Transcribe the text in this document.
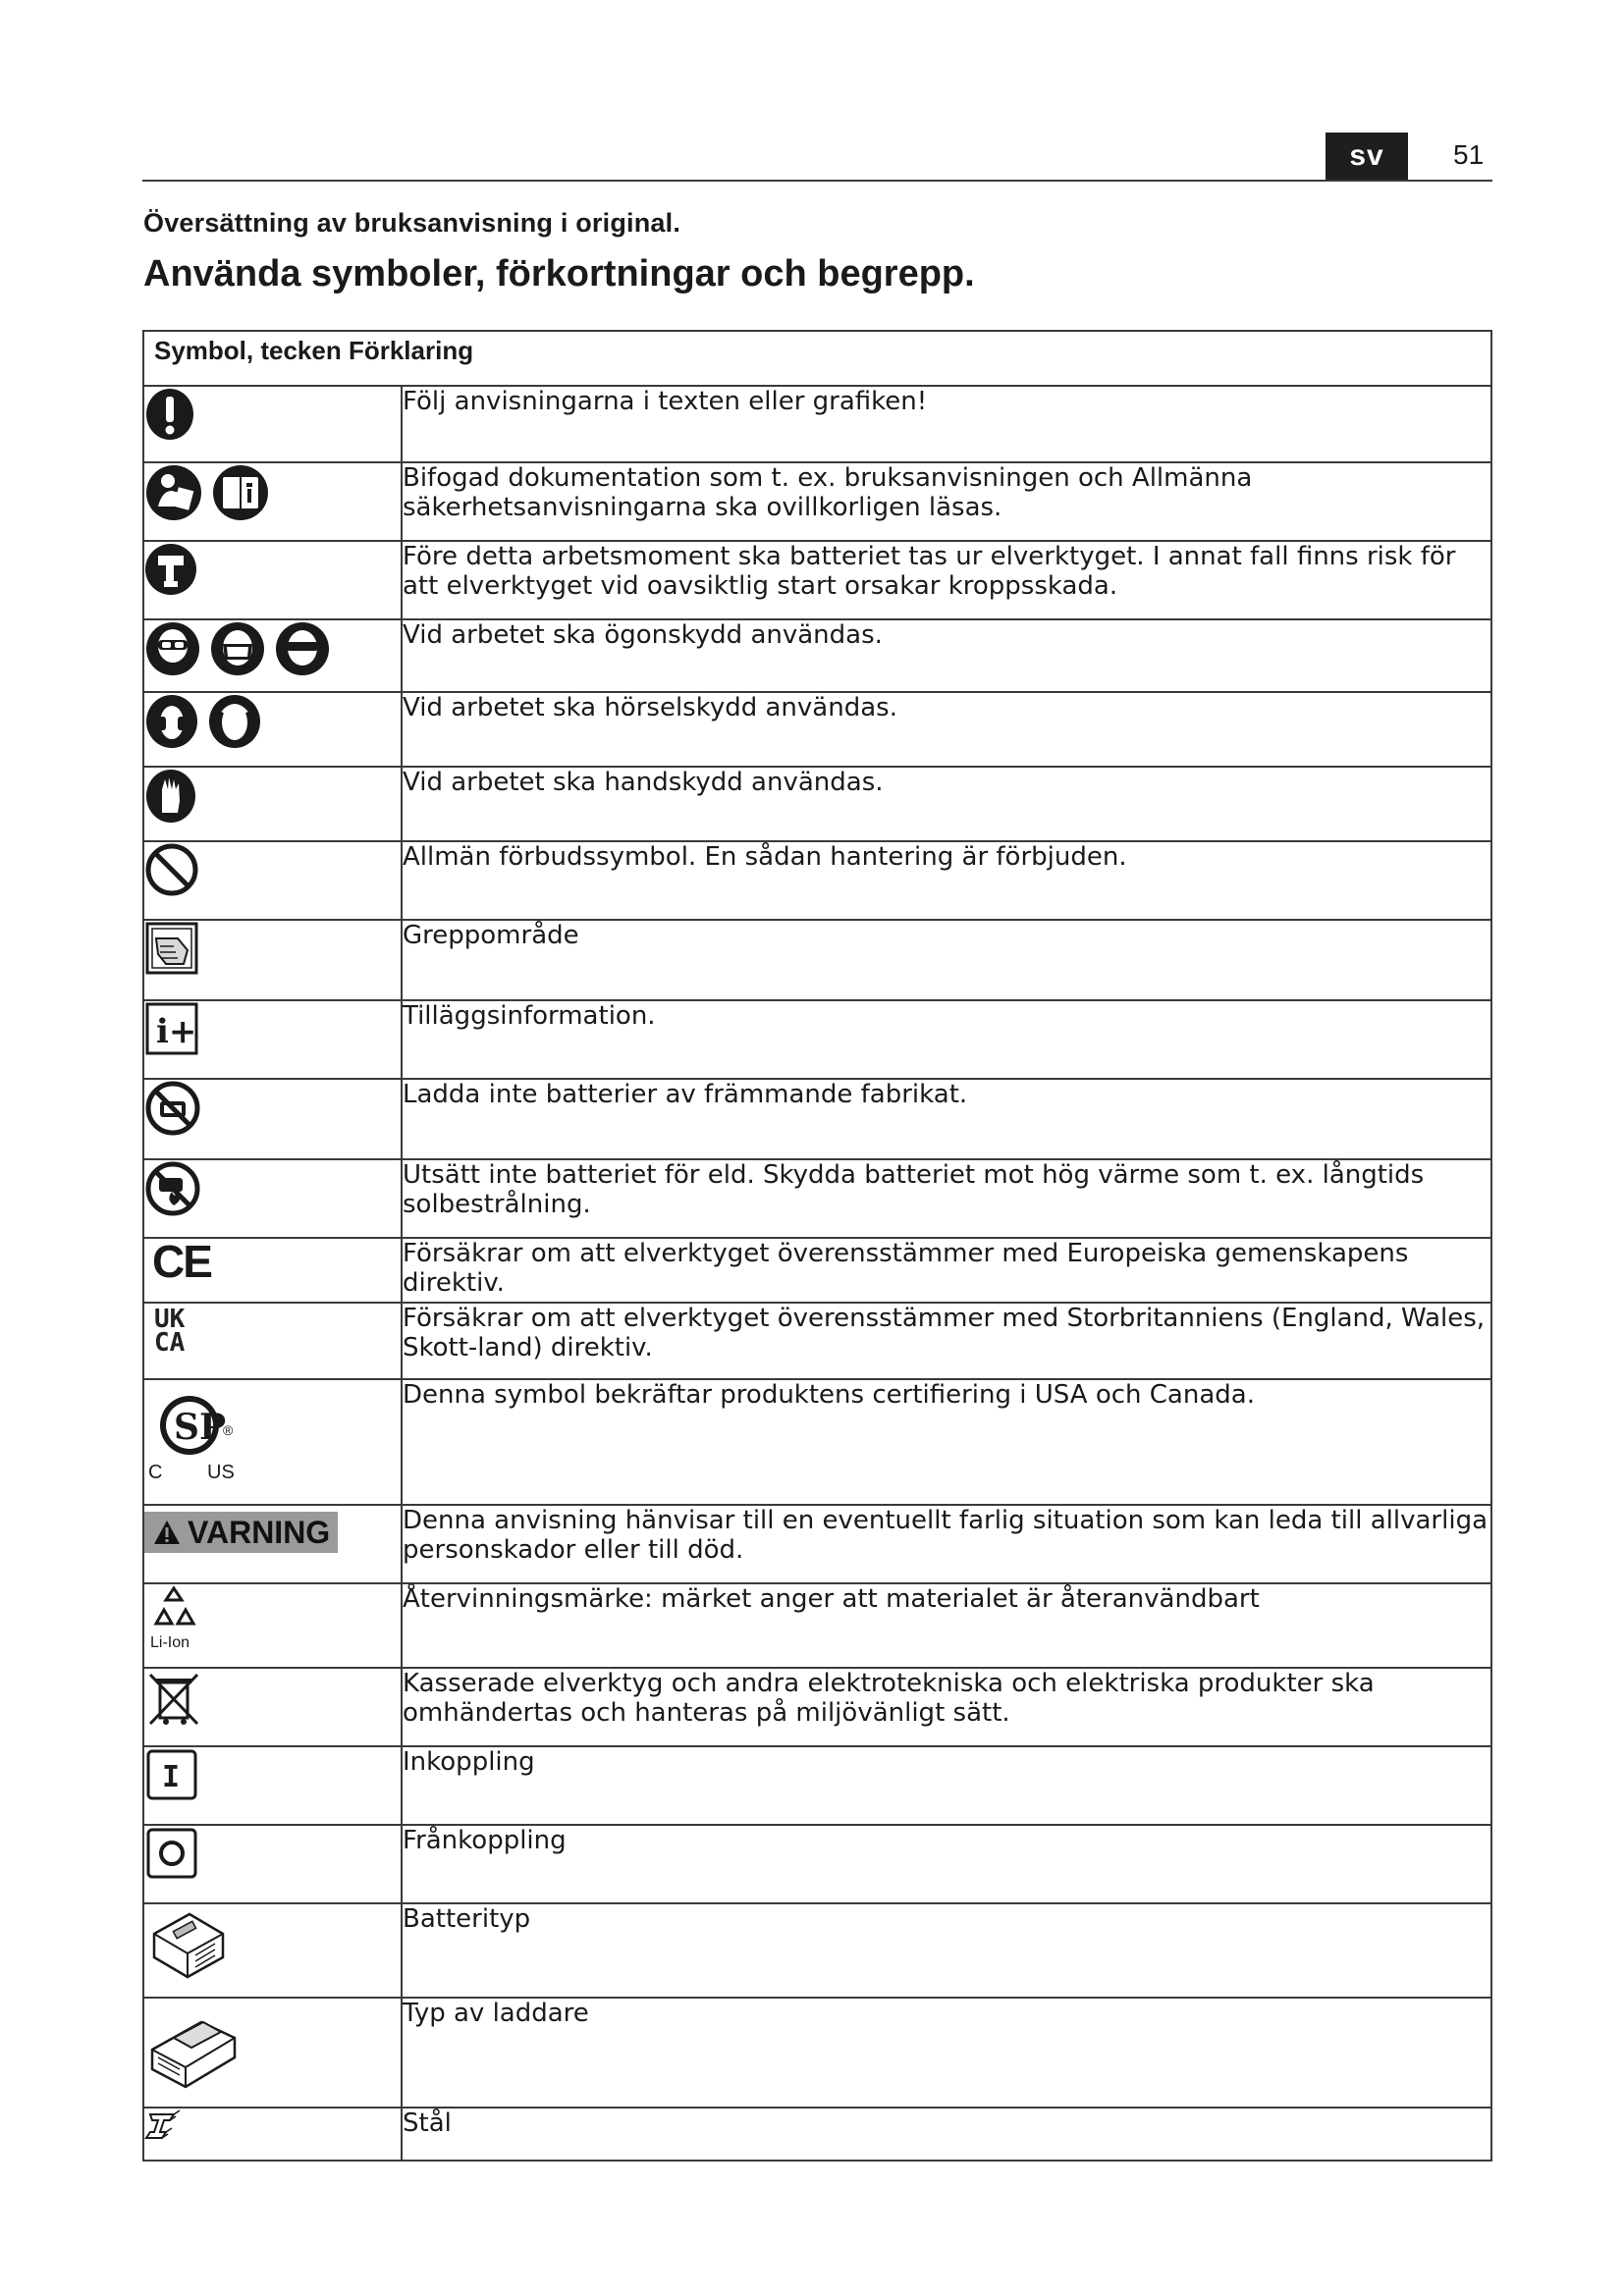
sv	51
Översättning av bruksanvisning i original.
Använda symboler, förkortningar och begrepp.
Symbol, tecken Förklaring	

	Följ anvisningarna i texten eller grafiken!

	Bifogad dokumentation som t. ex. bruksanvisningen och Allmänna säkerhetsanvisningarna ska ovillkorligen läsas.

	Före detta arbetsmoment ska batteriet tas ur elverktyget. I annat fall finns risk för att elverktyget vid oavsiktlig start orsakar kroppsskada.

	Vid arbetet ska ögonskydd användas.

	Vid arbetet ska hörselskydd användas.

	Vid arbetet ska handskydd användas.

	Allmän förbudssymbol. En sådan hantering är förbjuden.

	Greppområde

i+	Tilläggsinformation.

	Ladda inte batterier av främmande fabrikat.

	Utsätt inte batteriet för eld. Skydda batteriet mot hög värme som t. ex. långtids solbestrålning.

CE	Försäkrar om att elverktyget överensstämmer med Europeiska gemenskapens direktiv.

UK
CA	Försäkrar om att elverktyget överensstämmer med Storbritanniens (England, Wales, Skott-land) direktiv.

SP
®
C US	Denna symbol bekräftar produktens certifiering i USA och Canada.

VARNING	Denna anvisning hänvisar till en eventuellt farlig situation som kan leda till allvarliga personskador eller till död.

Li-Ion	Återvinningsmärke: märket anger att materialet är återanvändbart

	Kasserade elverktyg och andra elektrotekniska och elektriska produkter ska omhändertas och hanteras på miljövänligt sätt.

I	Inkoppling

	Frånkoppling

	Batterityp

	Typ av laddare

	Stål
